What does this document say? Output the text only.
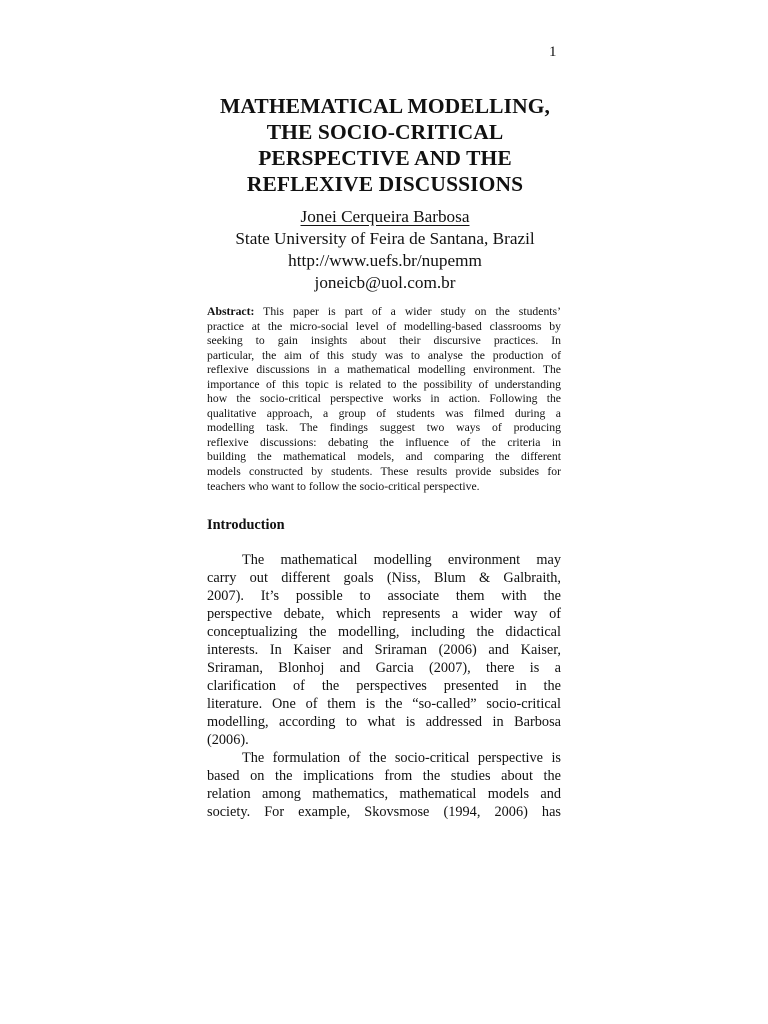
1
MATHEMATICAL MODELLING,
THE SOCIO-CRITICAL
PERSPECTIVE AND THE
REFLEXIVE DISCUSSIONS
Jonei Cerqueira Barbosa
State University of Feira de Santana, Brazil
http://www.uefs.br/nupemm
joneicb@uol.com.br
Abstract: This paper is part of a wider study on the students’
practice at the micro-social level of modelling-based classrooms by
seeking to gain insights about their discursive practices. In
particular, the aim of this study was to analyse the production of
reflexive discussions in a mathematical modelling environment. The
importance of this topic is related to the possibility of understanding
how the socio-critical perspective works in action. Following the
qualitative approach, a group of students was filmed during a
modelling task. The findings suggest two ways of producing
reflexive discussions: debating the influence of the criteria in
building the mathematical models, and comparing the different
models constructed by students. These results provide subsides for
teachers who want to follow the socio-critical perspective.
Introduction
The mathematical modelling environment may
carry out different goals (Niss, Blum & Galbraith,
2007). It’s possible to associate them with the
perspective debate, which represents a wider way of
conceptualizing the modelling, including the didactical
interests. In Kaiser and Sriraman (2006) and Kaiser,
Sriraman, Blonhoj and Garcia (2007), there is a
clarification of the perspectives presented in the
literature. One of them is the “so-called” socio-critical
modelling, according to what is addressed in Barbosa
(2006).
The formulation of the socio-critical perspective is
based on the implications from the studies about the
relation among mathematics, mathematical models and
society. For example, Skovsmose (1994, 2006) has
